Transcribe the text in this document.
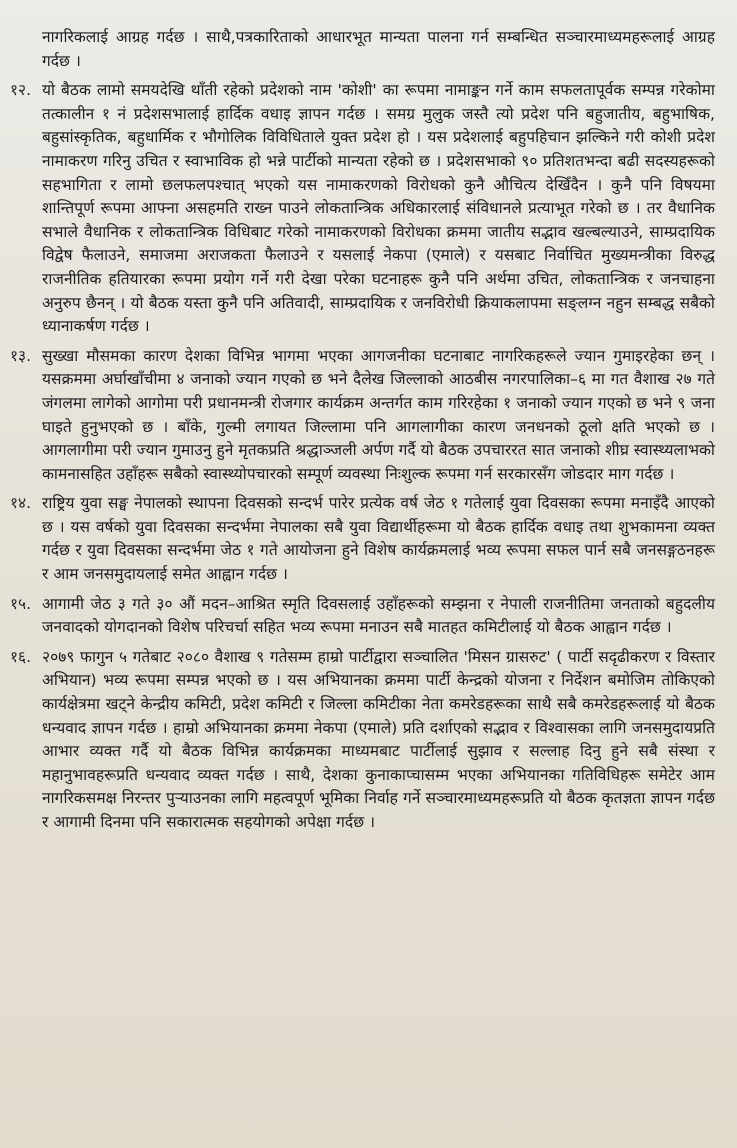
नागरिकलाई आग्रह गर्दछ । साथै,पत्रकारिताको आधारभूत मान्यता पालना गर्न सम्बन्धित सञ्चारमाध्यमहरूलाई आग्रह गर्दछ ।
१२. यो बैठक लामो समयदेखि थाँती रहेको प्रदेशको नाम 'कोशी' का रूपमा नामाङ्कन गर्ने काम सफलतापूर्वक सम्पन्न गरेकोमा तत्कालीन १ नं प्रदेशसभालाई हार्दिक वधाइ ज्ञापन गर्दछ । समग्र मुलुक जस्तै त्यो प्रदेश पनि बहुजातीय, बहुभाषिक, बहुसांस्कृतिक, बहुधार्मिक र भौगोलिक विविधिताले युक्त प्रदेश हो । यस प्रदेशलाई बहुपहिचान झल्किने गरी कोशी प्रदेश नामाकरण गरिनु उचित र स्वाभाविक हो भन्ने पार्टीको मान्यता रहेको छ । प्रदेशसभाको ९० प्रतिशतभन्दा बढी सदस्यहरूको सहभागिता र लामो छलफलपश्चात् भएको यस नामाकरणको विरोधको कुनै औचित्य देखिँदैन । कुनै पनि विषयमा शान्तिपूर्ण रूपमा आफ्ना असहमति राख्न पाउने लोकतान्त्रिक अधिकारलाई संविधानले प्रत्याभूत गरेको छ । तर वैधानिक सभाले वैधानिक र लोकतान्त्रिक विधिबाट गरेको नामाकरणको विरोधका क्रममा जातीय सद्भाव खल्बल्याउने, साम्प्रदायिक विद्वेष फैलाउने, समाजमा अराजकता फैलाउने र यसलाई नेकपा (एमाले) र यसबाट निर्वाचित मुख्यमन्त्रीका विरुद्ध राजनीतिक हतियारका रूपमा प्रयोग गर्ने गरी देखा परेका घटनाहरू कुनै पनि अर्थमा उचित, लोकतान्त्रिक र जनचाहना अनुरुप छैनन् । यो बैठक यस्ता कुनै पनि अतिवादी, साम्प्रदायिक र जनविरोधी क्रियाकलापमा सङ्लग्न नहुन सम्बद्ध सबैको ध्यानाकर्षण गर्दछ ।
१३. सुख्खा मौसमका कारण देशका विभिन्न भागमा भएका आगजनीका घटनाबाट नागरिकहरूले ज्यान गुमाइरहेका छन् । यसक्रममा अर्घाखाँचीमा ४ जनाको ज्यान गएको छ भने दैलेख जिल्लाको आठबीस नगरपालिका–६ मा गत वैशाख २७ गते जंगलमा लागेको आगोमा परी प्रधानमन्त्री रोजगार कार्यक्रम अन्तर्गत काम गरिरहेका १ जनाको ज्यान गएको छ भने ९ जना घाइते हुनुभएको छ । बाँके, गुल्मी लगायत जिल्लामा पनि आगलागीका कारण जनधनको ठूलो क्षति भएको छ । आगलागीमा परी ज्यान गुमाउनु हुने मृतकप्रति श्रद्धाञ्जली अर्पण गर्दै यो बैठक उपचाररत सात जनाको शीघ्र स्वास्थ्यलाभको कामनासहित उहाँहरू सबैको स्वास्थ्योपचारको सम्पूर्ण व्यवस्था निःशुल्क रूपमा गर्न सरकारसँग जोडदार माग गर्दछ ।
१४. राष्ट्रिय युवा सङ्घ नेपालको स्थापना दिवसको सन्दर्भ पारेर प्रत्येक वर्ष जेठ १ गतेलाई युवा दिवसका रूपमा मनाइँदै आएको छ । यस वर्षको युवा दिवसका सन्दर्भमा नेपालका सबै युवा विद्यार्थीहरूमा यो बैठक हार्दिक वधाइ तथा शुभकामना व्यक्त गर्दछ र युवा दिवसका सन्दर्भमा जेठ १ गते आयोजना हुने विशेष कार्यक्रमलाई भव्य रूपमा सफल पार्न सबै जनसङ्गठनहरू र आम जनसमुदायलाई समेत आह्वान गर्दछ ।
१५. आगामी जेठ ३ गते ३० औं मदन–आश्रित स्मृति दिवसलाई उहाँहरूको सम्झना र नेपाली राजनीतिमा जनताको बहुदलीय जनवादको योगदानको विशेष परिचर्चा सहित भव्य रूपमा मनाउन सबै मातहत कमिटीलाई यो बैठक आह्वान गर्दछ ।
१६. २०७९ फागुन ५ गतेबाट २०८० वैशाख ९ गतेसम्म हाम्रो पार्टीद्वारा सञ्चालित 'मिसन ग्रासरुट' ( पार्टी सदृढीकरण र विस्तार अभियान) भव्य रूपमा सम्पन्न भएको छ । यस अभियानका क्रममा पार्टी केन्द्रको योजना र निर्देशन बमोजिम तोकिएको कार्यक्षेत्रमा खट्ने केन्द्रीय कमिटी, प्रदेश कमिटी र जिल्ला कमिटीका नेता कमरेडहरूका साथै सबै कमरेडहरूलाई यो बैठक धन्यवाद ज्ञापन गर्दछ । हाम्रो अभियानका क्रममा नेकपा (एमाले) प्रति दर्शाएको सद्भाव र विश्वासका लागि जनसमुदायप्रति आभार व्यक्त गर्दै यो बैठक विभिन्न कार्यक्रमका माध्यमबाट पार्टीलाई सुझाव र सल्लाह दिनु हुने सबै संस्था र महानुभावहरूप्रति धन्यवाद व्यक्त गर्दछ । साथै, देशका कुनाकाप्चासम्म भएका अभियानका गतिविधिहरू समेटेर आम नागरिकसमक्ष निरन्तर पुऱ्याउनका लागि महत्वपूर्ण भूमिका निर्वाह गर्ने सञ्चारमाध्यमहरूप्रति यो बैठक कृतज्ञता ज्ञापन गर्दछ र आगामी दिनमा पनि सकारात्मक सहयोगको अपेक्षा गर्दछ ।
